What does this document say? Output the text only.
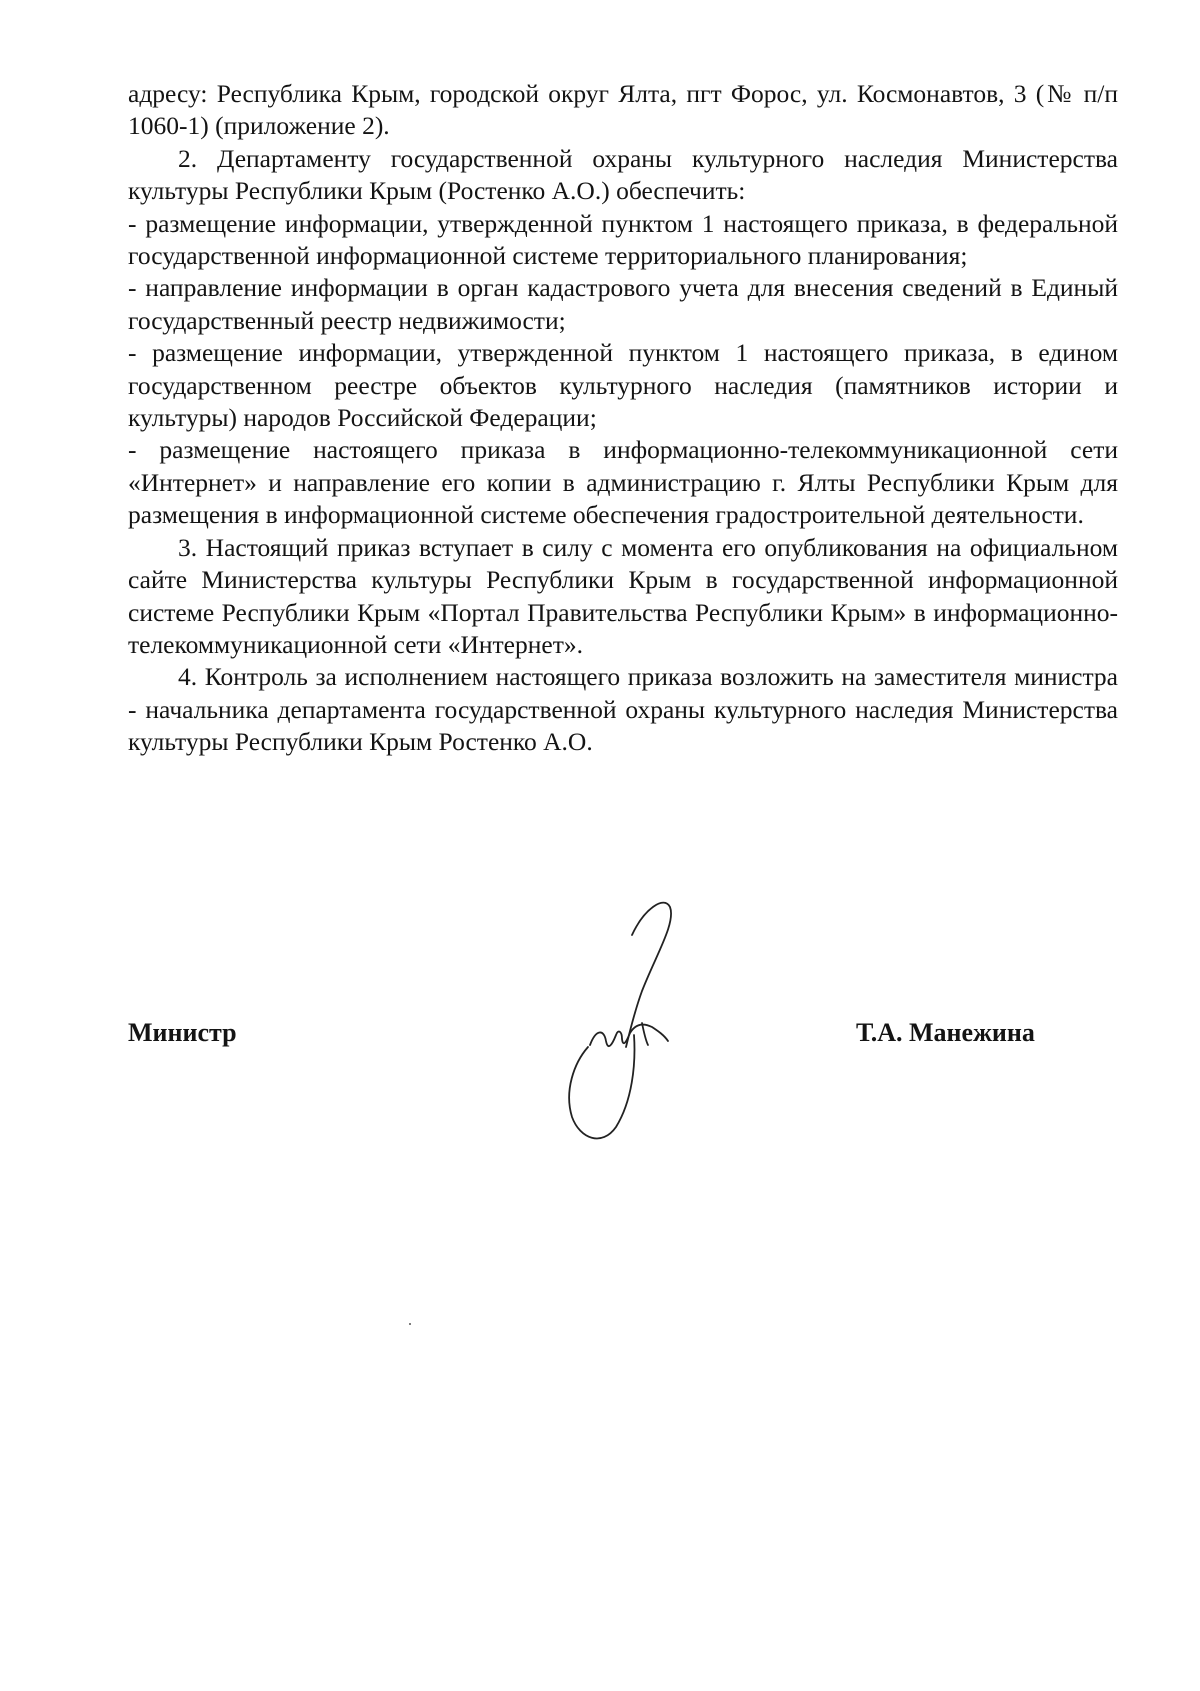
адресу: Республика Крым, городской округ Ялта, пгт Форос, ул. Космонавтов, 3 (№ п/п 1060-1) (приложение 2).

2. Департаменту государственной охраны культурного наследия Министерства культуры Республики Крым (Ростенко А.О.) обеспечить:

- размещение информации, утвержденной пунктом 1 настоящего приказа, в федеральной государственной информационной системе территориального планирования;

- направление информации в орган кадастрового учета для внесения сведений в Единый государственный реестр недвижимости;

- размещение информации, утвержденной пунктом 1 настоящего приказа, в едином государственном реестре объектов культурного наследия (памятников истории и культуры) народов Российской Федерации;

- размещение настоящего приказа в информационно-телекоммуникационной сети «Интернет» и направление его копии в администрацию г. Ялты Республики Крым для размещения в информационной системе обеспечения градостроительной деятельности.

3. Настоящий приказ вступает в силу с момента его опубликования на официальном сайте Министерства культуры Республики Крым в государственной информационной системе Республики Крым «Портал Правительства Республики Крым» в информационно-телекоммуникационной сети «Интернет».

4. Контроль за исполнением настоящего приказа возложить на заместителя министра - начальника департамента государственной охраны культурного наследия Министерства культуры Республики Крым Ростенко А.О.

Министр	Т.А. Манежина
